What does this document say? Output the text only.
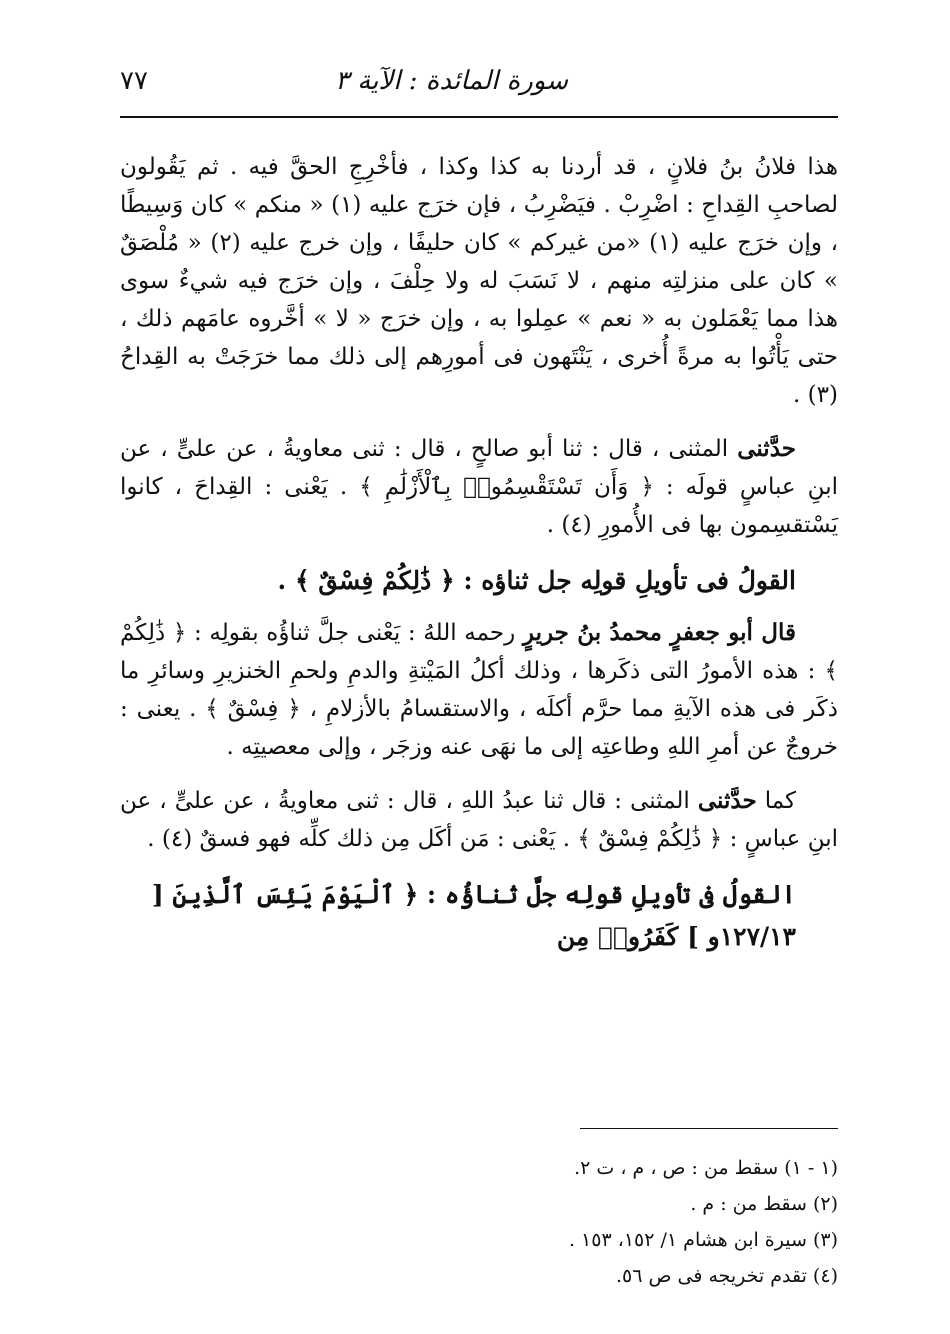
سورة المائدة : الآية ٣
٧٧

هذا فلانُ بنُ فلانٍ ، قد أردنا به كذا وكذا ، فأخْرِجِ الحقَّ فيه . ثم يَقُولون لصاحبِ القِداحِ : اضْرِبْ . فيَضْرِبُ ، فإن خرَج عليه (١) « منكم » كان وَسِيطًا ، وإن خرَج عليه (١) «من غيركم » كان حليفًا ، وإن خرج عليه (٢) « مُلْصَقٌ » كان على منزلتِه منهم ، لا نَسَبَ له ولا حِلْفَ ، وإن خرَج فيه شيءٌ سوى هذا مما يَعْمَلون به « نعم » عمِلوا به ، وإن خرَج « لا » أخَّروه عامَهم ذلك ، حتى يَأْتُوا به مرةً أُخرى ، يَنْتَهون فى أمورِهم إلى ذلك مما خرَجَتْ به القِداحُ (٣) .

حدَّثنى المثنى ، قال : ثنا أبو صالحٍ ، قال : ثنى معاويةُ ، عن علىٍّ ، عن ابنِ عباسٍ قولَه : ﴿ وَأَن تَسْتَقْسِمُوا۟ بِٱلْأَزْلَٰمِ ﴾ . يَعْنى : القِداحَ ، كانوا يَسْتقسِمون بها فى الأُمورِ (٤) .

القولُ فى تأويلِ قولِه جل ثناؤه : ﴿ ذَٰلِكُمْ فِسْقٌ ﴾ .

قال أبو جعفرٍ محمدُ بنُ جريرٍ رحمه اللهُ : يَعْنى جلَّ ثناؤُه بقولِه : ﴿ ذَٰلِكُمْ ﴾ : هذه الأمورُ التى ذكَرها ، وذلك أكلُ المَيْتةِ والدمِ ولحمِ الخنزيرِ وسائرِ ما ذكَر فى هذه الآيةِ مما حرَّم أكلَه ، والاستقسامُ بالأزلامِ ، ﴿ فِسْقٌ ﴾ . يعنى : خروجٌ عن أمرِ اللهِ وطاعتِه إلى ما نهَى عنه وزجَر ، وإلى معصيتِه .

كما حدَّثنى المثنى : قال ثنا عبدُ اللهِ ، قال : ثنى معاويةُ ، عن علىٍّ ، عن ابنِ عباسٍ : ﴿ ذَٰلِكُمْ فِسْقٌ ﴾ . يَعْنى : مَن أكَل مِن ذلك كلِّه فهو فسقٌ (٤) .

القولُ فى تأويلِ قولِه جلَّ ثناؤُه : ﴿ ٱلْيَوْمَ يَئِسَ ٱلَّذِينَ [ ١٢٧/١٣و ] كَفَرُوا۟ مِن

(١ - ١) سقط من : ص ، م ، ت ٢.

(٢) سقط من : م .

(٣) سيرة ابن هشام ١/ ١٥٢، ١٥٣ .

(٤) تقدم تخريجه فى ص ٥٦.
